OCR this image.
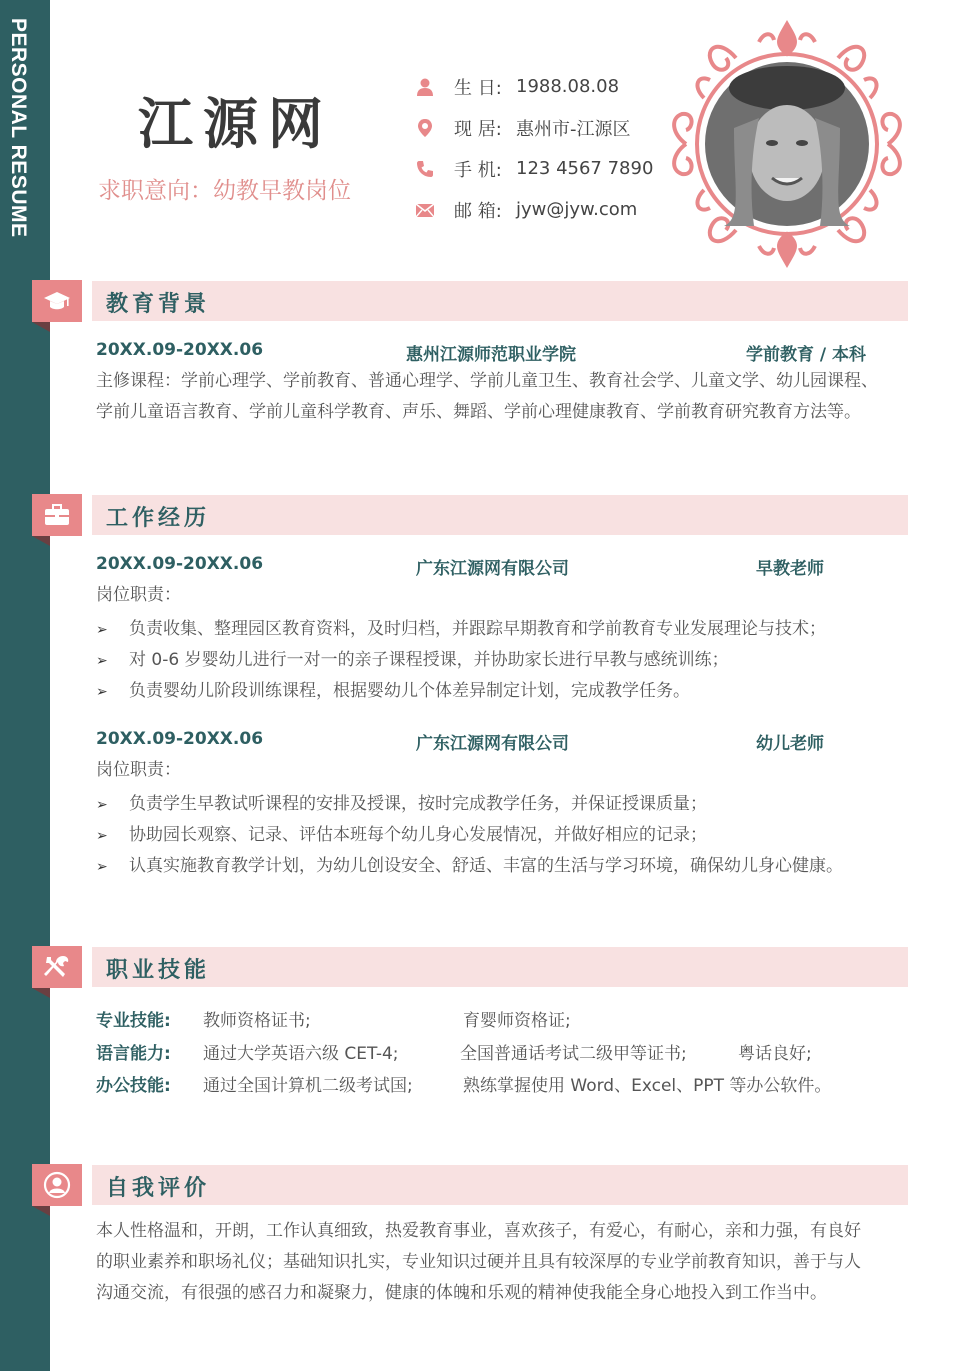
PERSONAL RESUME 江源网
求职意向：幼教早教岗位
生 日: 1988.08.08
现 居: 惠州市-江源区
手 机: 123 4567 7890
邮 箱: jyw@jyw.com
教育背景
20XX.09-20XX.06	惠州江源师范职业学院	学前教育 / 本科
主修课程：学前心理学、学前教育、普通心理学、学前儿童卫生、教育社会学、儿童文学、幼儿园课程、
学前儿童语言教育、学前儿童科学教育、声乐、舞蹈、学前心理健康教育、学前教育研究教育方法等。
工作经历
20XX.09-20XX.06	广东江源网有限公司	早教老师
岗位职责：
➢ 负责收集、整理园区教育资料，及时归档，并跟踪早期教育和学前教育专业发展理论与技术；
➢ 对 0-6 岁婴幼儿进行一对一的亲子课程授课，并协助家长进行早教与感统训练；
➢ 负责婴幼儿阶段训练课程，根据婴幼儿个体差异制定计划，完成教学任务。
20XX.09-20XX.06	广东江源网有限公司	幼儿老师
岗位职责：
➢ 负责学生早教试听课程的安排及授课，按时完成教学任务，并保证授课质量；
➢ 协助园长观察、记录、评估本班每个幼儿身心发展情况，并做好相应的记录；
➢ 认真实施教育教学计划，为幼儿创设安全、舒适、丰富的生活与学习环境，确保幼儿身心健康。
职业技能
专业技能: 教师资格证书;	育婴师资格证;
语言能力: 通过大学英语六级 CET-4;	全国普通话考试二级甲等证书;	粤话良好;
办公技能: 通过全国计算机二级考试国;	熟练掌握使用 Word、Excel、PPT 等办公软件。
自我评价
本人性格温和，开朗，工作认真细致，热爱教育事业，喜欢孩子，有爱心，有耐心，亲和力强，有良好
的职业素养和职场礼仪；基础知识扎实，专业知识过硬并且具有较深厚的专业学前教育知识，善于与人
沟通交流，有很强的感召力和凝聚力，健康的体魄和乐观的精神使我能全身心地投入到工作当中。
